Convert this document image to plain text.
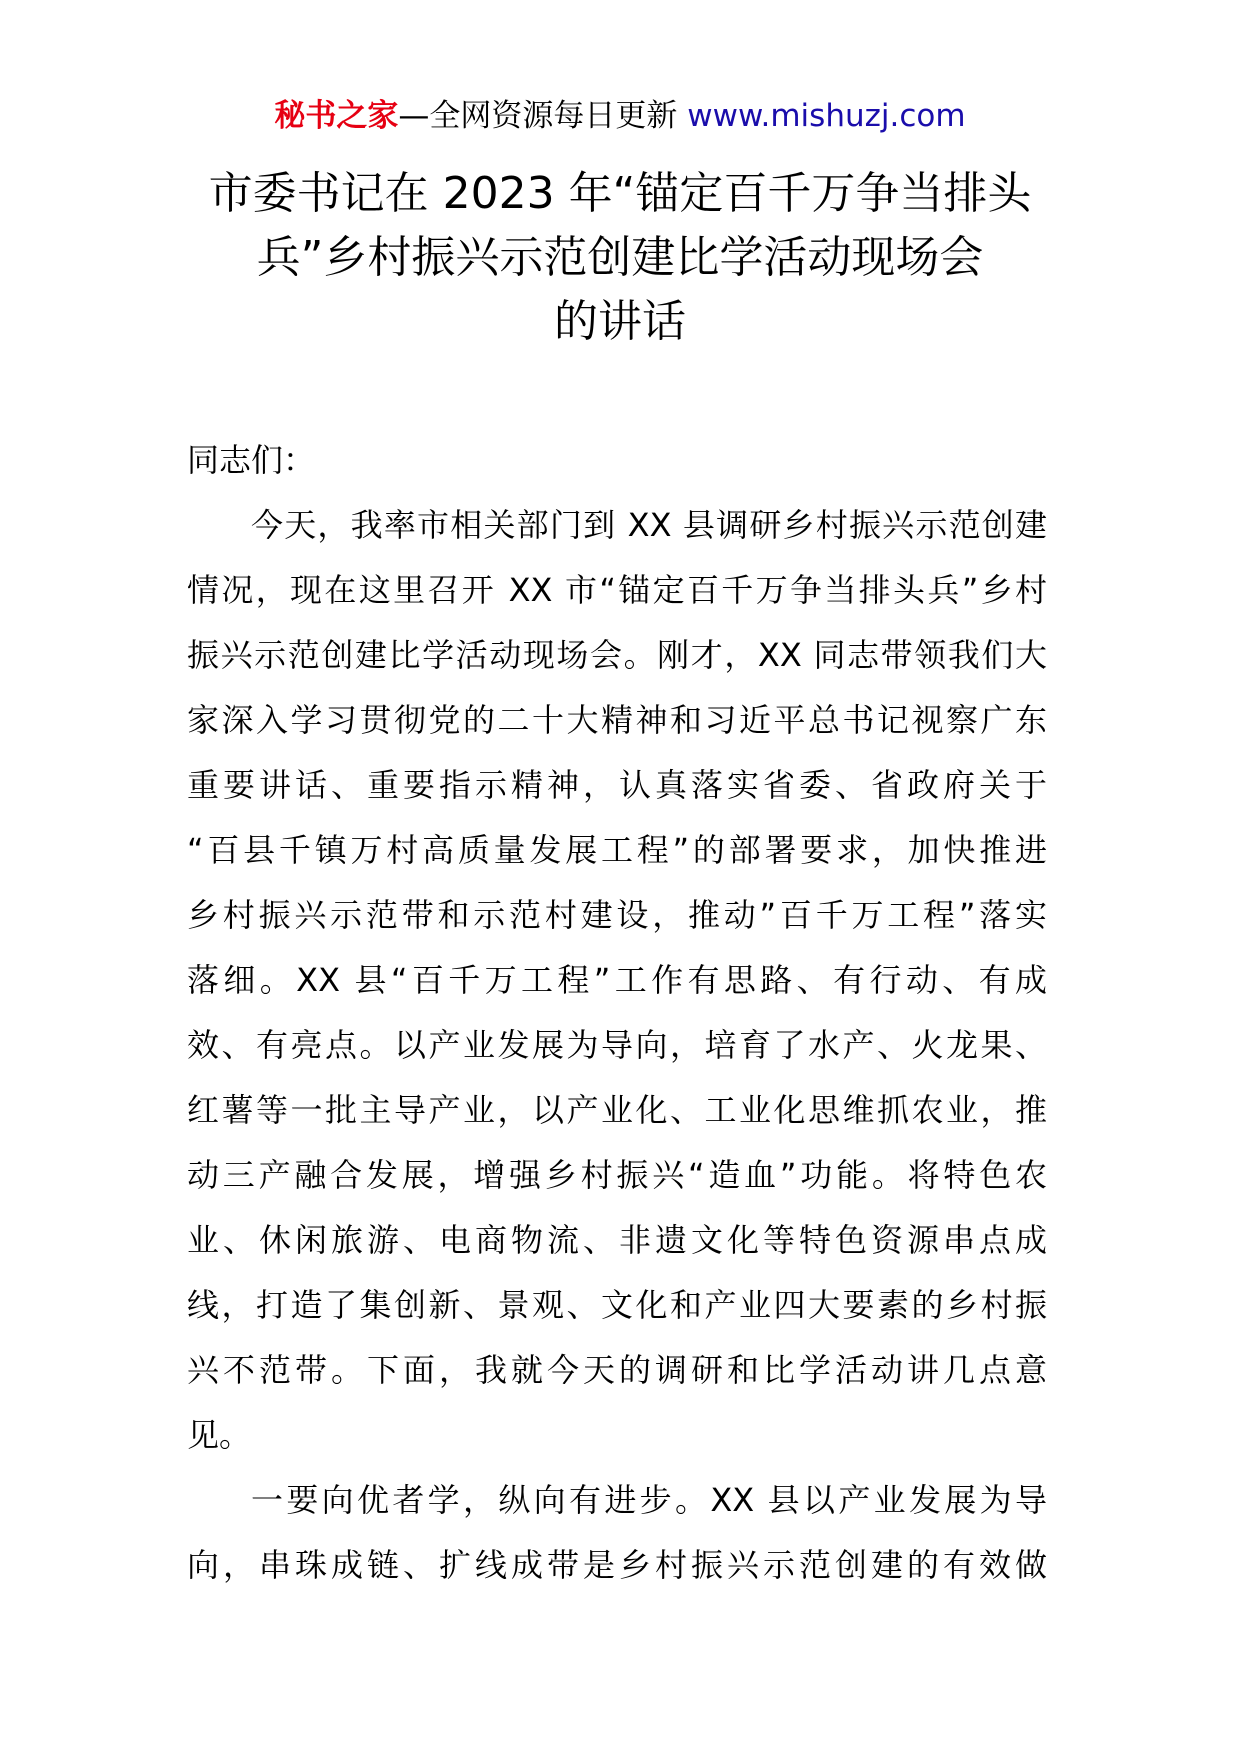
秘书之家—全网资源每日更新 www.mishuzj.com
市委书记在 2023 年“锚定百千万争当排头
兵”乡村振兴示范创建比学活动现场会
的讲话
同志们：
今天，我率市相关部门到 XX 县调研乡村振兴示范创建
情况，现在这里召开 XX 市“锚定百千万争当排头兵”乡村
振兴示范创建比学活动现场会。刚才，XX 同志带领我们大
家深入学习贯彻党的二十大精神和习近平总书记视察广东
重要讲话、重要指示精神，认真落实省委、省政府关于
“百县千镇万村高质量发展工程”的部署要求，加快推进
乡村振兴示范带和示范村建设，推动”百千万工程”落实
落细。XX 县“百千万工程”工作有思路、有行动、有成
效、有亮点。以产业发展为导向，培育了水产、火龙果、
红薯等一批主导产业，以产业化、工业化思维抓农业，推
动三产融合发展，增强乡村振兴“造血”功能。将特色农
业、休闲旅游、电商物流、非遗文化等特色资源串点成
线，打造了集创新、景观、文化和产业四大要素的乡村振
兴不范带。下面，我就今天的调研和比学活动讲几点意
见。
一要向优者学，纵向有进步。XX 县以产业发展为导
向，串珠成链、扩线成带是乡村振兴示范创建的有效做
